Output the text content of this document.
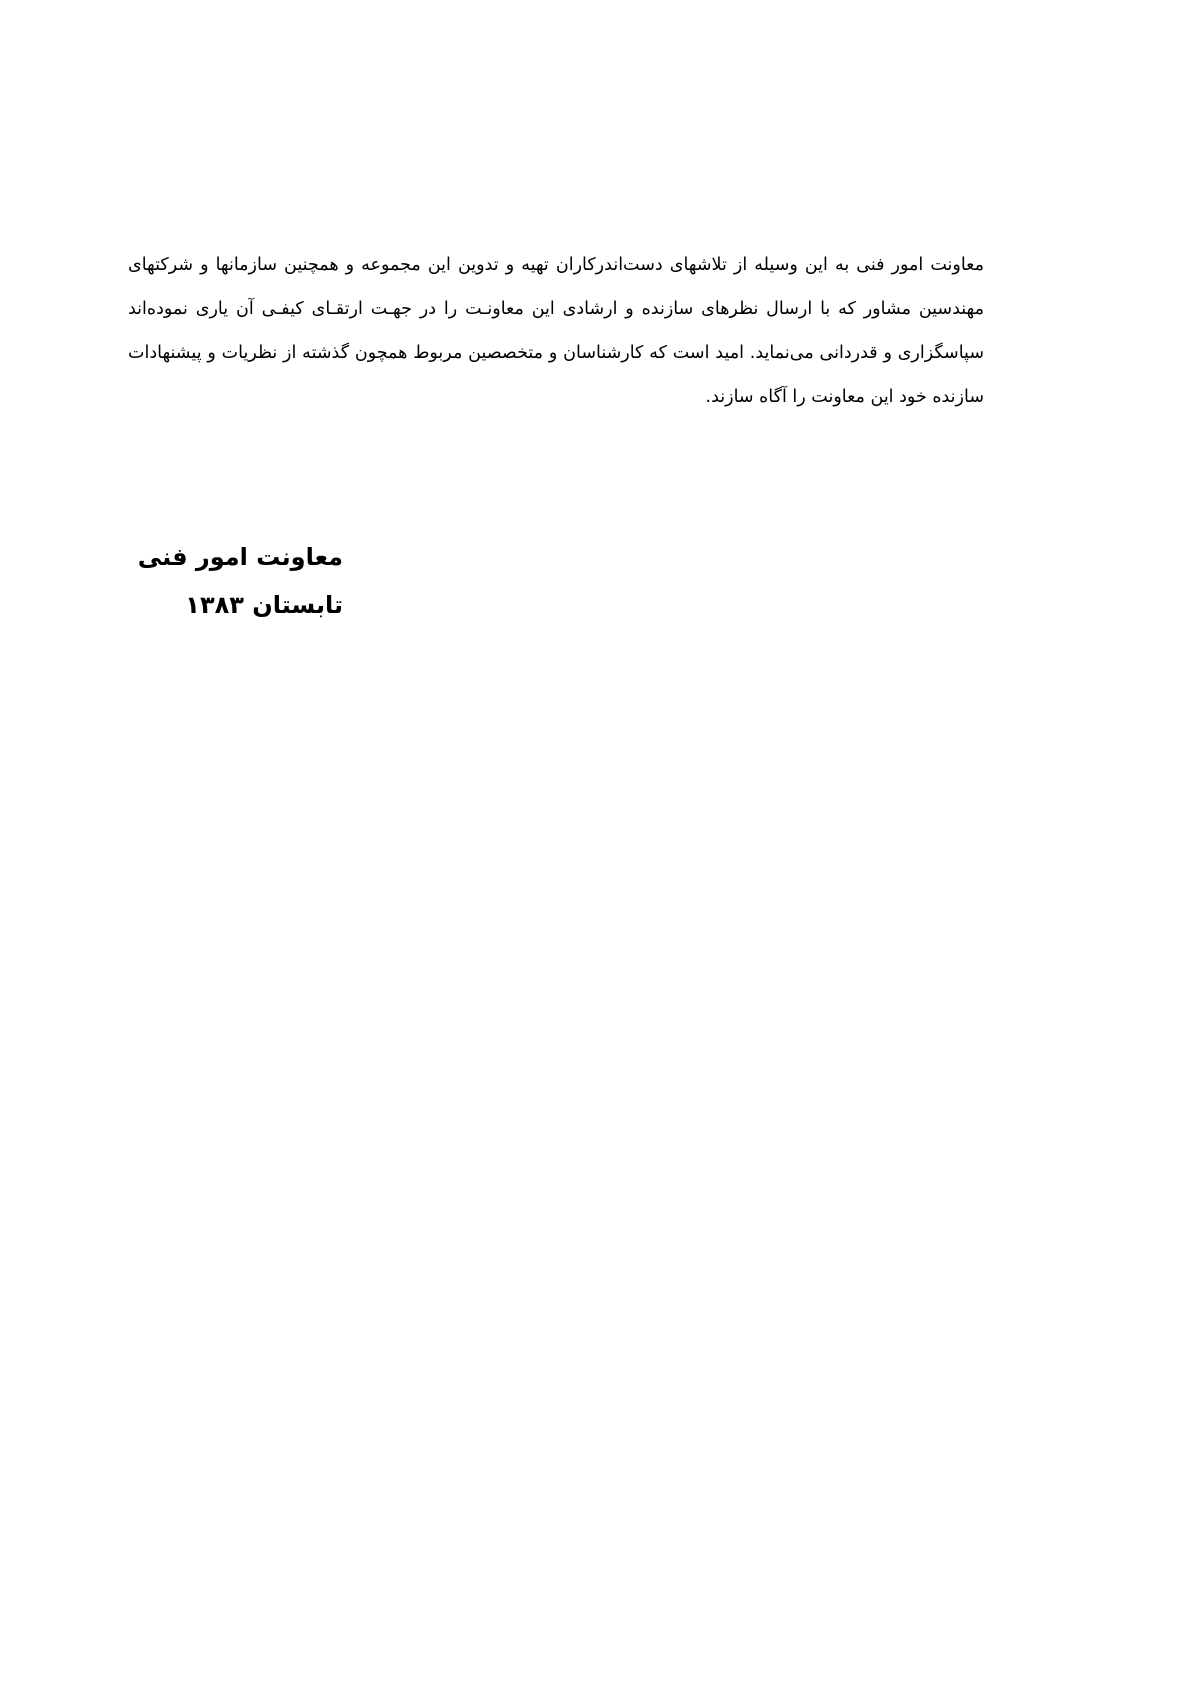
معاونت امور فنی به این وسیله از تلاشهای دست‌اندرکاران تهیه و تدوین این مجموعه و همچنین سازمانها و شرکتهای مهندسین مشاور که با ارسال نظرهای سازنده و ارشادی این معاونـت را در جهـت ارتقـای کیفـی آن یاری نموده‌اند سپاسگزاری و قدردانی می‌نماید. امید است که کارشناسان و متخصصین مربوط همچون گذشته از نظریات و پیشنهادات سازنده خود این معاونت را آگاه سازند.

معاونت امور فنی
تابستان ۱۳۸۳
